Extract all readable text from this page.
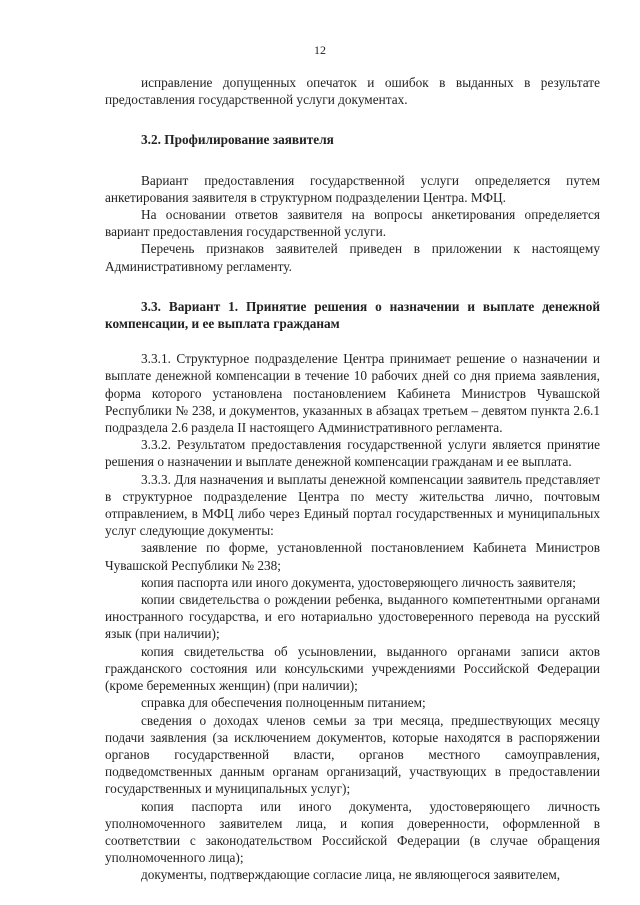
12

исправление допущенных опечаток и ошибок в выданных в результате предоставления государственной услуги документах.

3.2. Профилирование заявителя

Вариант предоставления государственной услуги определяется путем анкетирования заявителя в структурном подразделении Центра. МФЦ.

На основании ответов заявителя на вопросы анкетирования определяется вариант предоставления государственной услуги.

Перечень признаков заявителей приведен в приложении к настоящему Административному регламенту.

3.3. Вариант 1. Принятие решения о назначении и выплате денежной компенсации, и ее выплата гражданам

3.3.1. Структурное подразделение Центра принимает решение о назначении и выплате денежной компенсации в течение 10 рабочих дней со дня приема заявления, форма которого установлена постановлением Кабинета Министров Чувашской Республики № 238, и документов, указанных в абзацах третьем – девятом пункта 2.6.1 подраздела 2.6 раздела II настоящего Административного регламента.

3.3.2. Результатом предоставления государственной услуги является принятие решения о назначении и выплате денежной компенсации гражданам и ее выплата.

3.3.3. Для назначения и выплаты денежной компенсации заявитель представляет в структурное подразделение Центра по месту жительства лично, почтовым отправлением, в МФЦ либо через Единый портал государственных и муниципальных услуг следующие документы:

заявление по форме, установленной постановлением Кабинета Министров Чувашской Республики № 238;

копия паспорта или иного документа, удостоверяющего личность заявителя;

копии свидетельства о рождении ребенка, выданного компетентными органами иностранного государства, и его нотариально удостоверенного перевода на русский язык (при наличии);

копия свидетельства об усыновлении, выданного органами записи актов гражданского состояния или консульскими учреждениями Российской Федерации (кроме беременных женщин) (при наличии);

справка для обеспечения полноценным питанием;

сведения о доходах членов семьи за три месяца, предшествующих месяцу подачи заявления (за исключением документов, которые находятся в распоряжении органов государственной власти, органов местного самоуправления, подведомственных данным органам организаций, участвующих в предоставлении государственных и муниципальных услуг);

копия паспорта или иного документа, удостоверяющего личность уполномоченного заявителем лица, и копия доверенности, оформленной в соответствии с законодательством Российской Федерации (в случае обращения уполномоченного лица);

документы, подтверждающие согласие лица, не являющегося заявителем,
